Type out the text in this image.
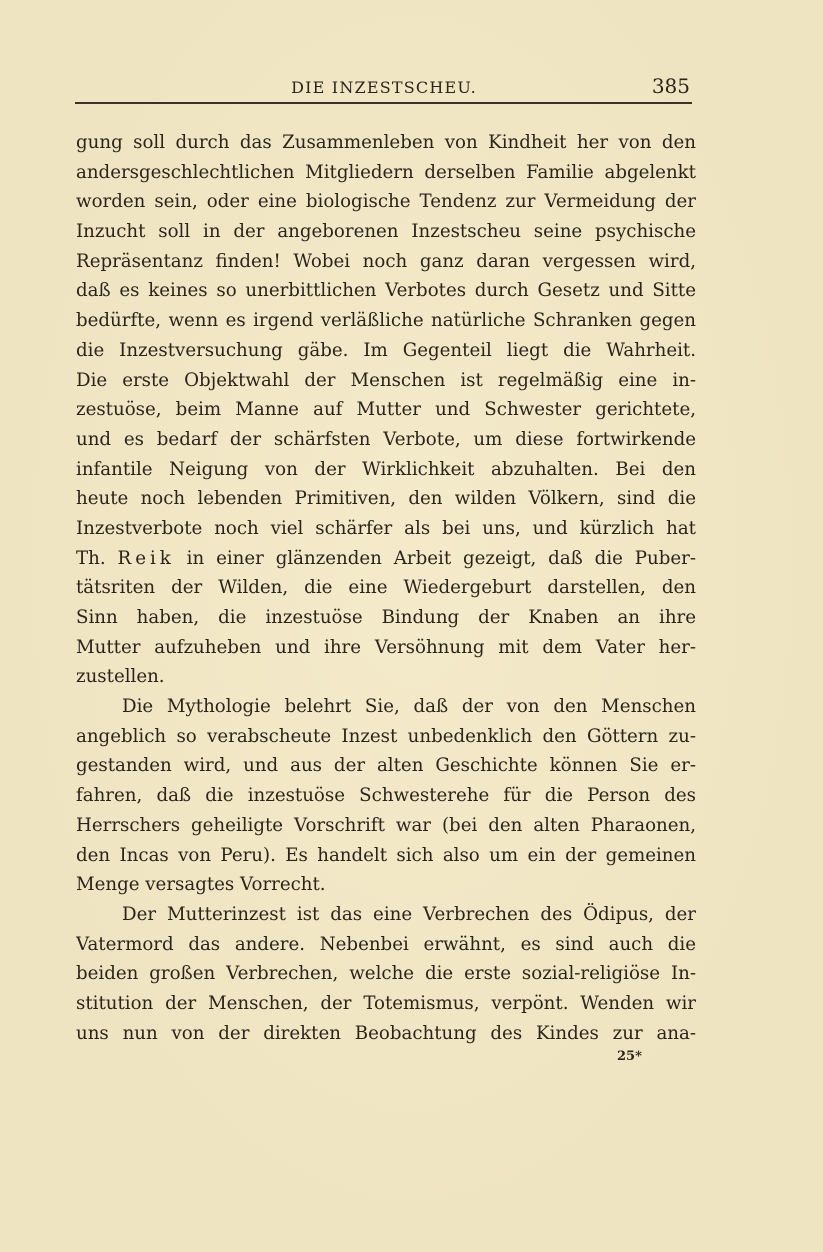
DIE INZESTSCHEU.	385
gung soll durch das Zusammenleben von Kindheit her von den
andersgeschlechtlichen Mitgliedern derselben Familie abgelenkt
worden sein, oder eine biologische Tendenz zur Vermeidung der
Inzucht soll in der angeborenen Inzestscheu seine psychische
Repräsentanz finden! Wobei noch ganz daran vergessen wird,
daß es keines so unerbittlichen Verbotes durch Gesetz und Sitte
bedürfte, wenn es irgend verläßliche natürliche Schranken gegen
die Inzestversuchung gäbe. Im Gegenteil liegt die Wahrheit.
Die erste Objektwahl der Menschen ist regelmäßig eine in-
zestuöse, beim Manne auf Mutter und Schwester gerichtete,
und es bedarf der schärfsten Verbote, um diese fortwirkende
infantile Neigung von der Wirklichkeit abzuhalten. Bei den
heute noch lebenden Primitiven, den wilden Völkern, sind die
Inzestverbote noch viel schärfer als bei uns, und kürzlich hat
Th. Reik in einer glänzenden Arbeit gezeigt, daß die Puber-
tätsriten der Wilden, die eine Wiedergeburt darstellen, den
Sinn haben, die inzestuöse Bindung der Knaben an ihre
Mutter aufzuheben und ihre Versöhnung mit dem Vater her-
zustellen.
Die Mythologie belehrt Sie, daß der von den Menschen
angeblich so verabscheute Inzest unbedenklich den Göttern zu-
gestanden wird, und aus der alten Geschichte können Sie er-
fahren, daß die inzestuöse Schwesterehe für die Person des
Herrschers geheiligte Vorschrift war (bei den alten Pharaonen,
den Incas von Peru). Es handelt sich also um ein der gemeinen
Menge versagtes Vorrecht.
Der Mutterinzest ist das eine Verbrechen des Ödipus, der
Vatermord das andere. Nebenbei erwähnt, es sind auch die
beiden großen Verbrechen, welche die erste sozial-religiöse In-
stitution der Menschen, der Totemismus, verpönt. Wenden wir
uns nun von der direkten Beobachtung des Kindes zur ana-
25*
